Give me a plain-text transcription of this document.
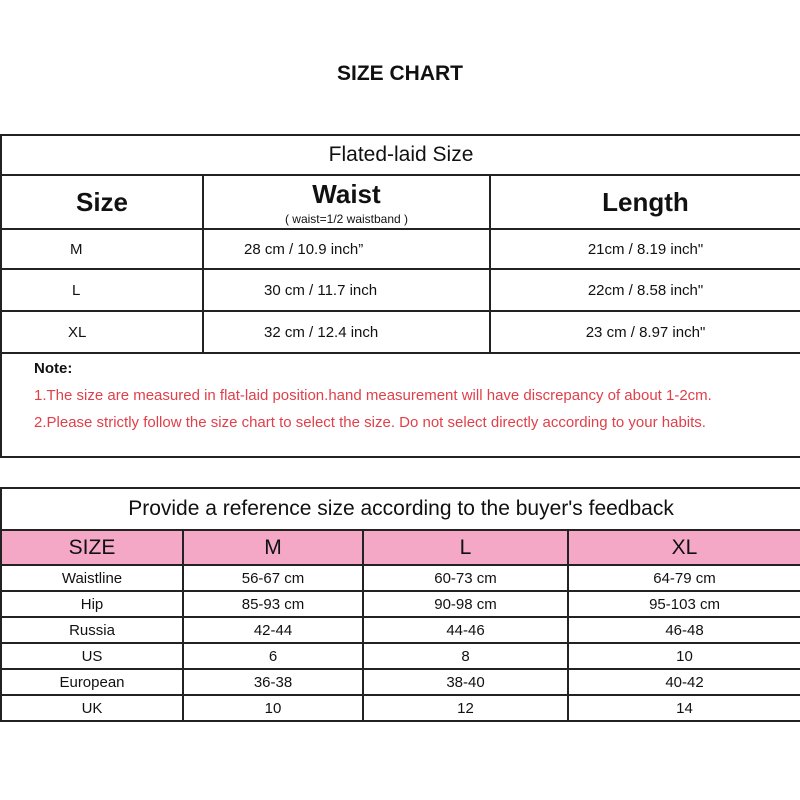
SIZE CHART
Flated-laid Size		
Size	Waist
( waist=1/2 waistband )	Length
M	28 cm / 10.9 inch”	21cm / 8.19 inch"
L	30 cm / 11.7 inch	22cm / 8.58 inch"
XL	32 cm / 12.4 inch	23 cm / 8.97 inch"

Note:
1.The size are measured in flat-laid position.hand measurement will have discrepancy of about 1-2cm.
2.Please strictly follow the size chart to select the size. Do not select directly according to your habits.		
Provide a reference size according to the buyer's feedback			
SIZE	M	L	XL
Waistline	56-67 cm	60-73 cm	64-79 cm
Hip	85-93 cm	90-98 cm	95-103 cm
Russia	42-44	44-46	46-48
US	6	8	10
European	36-38	38-40	40-42
UK	10	12	14
